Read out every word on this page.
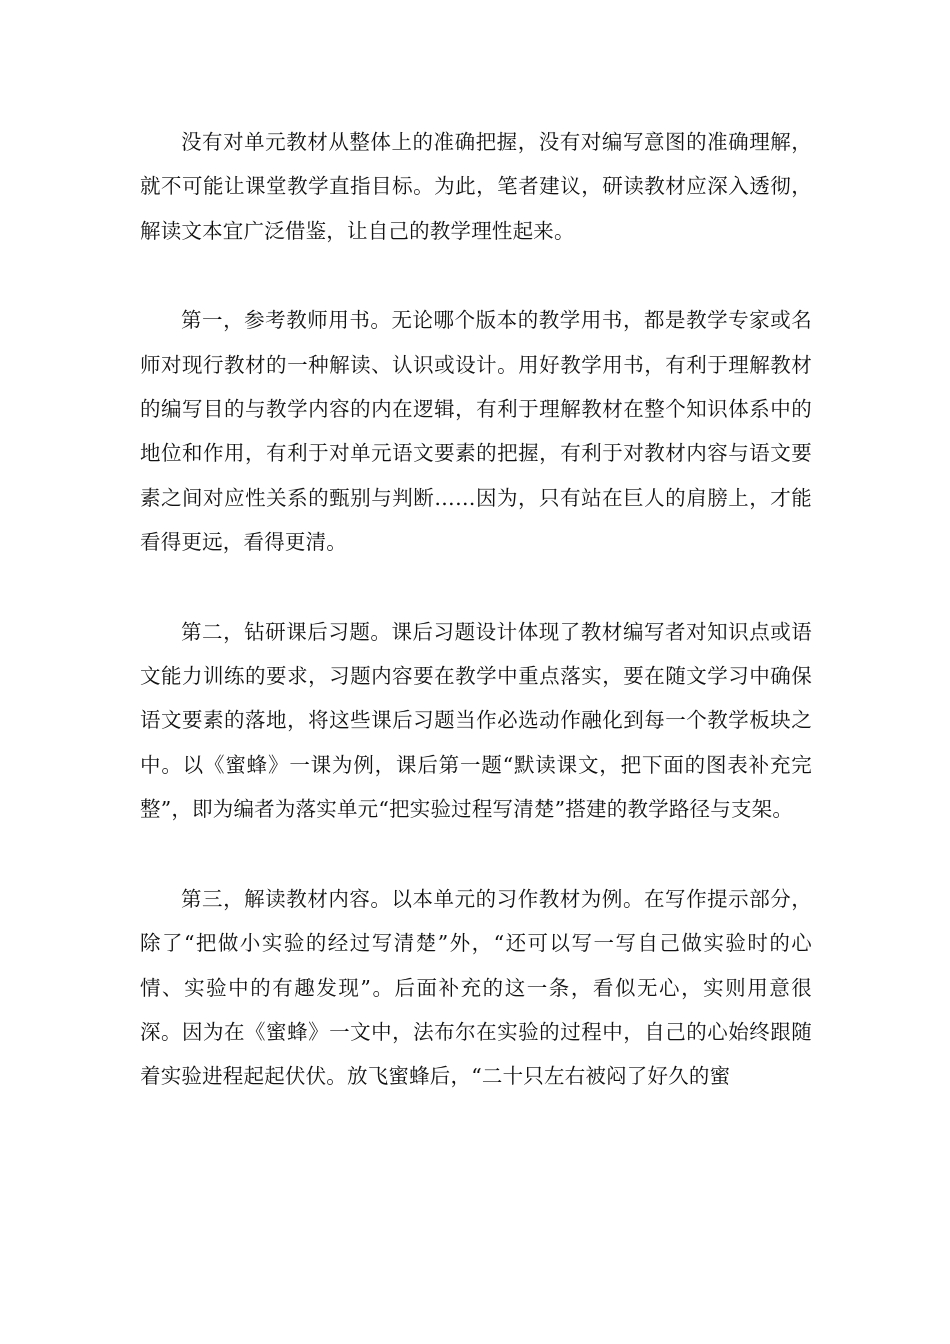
没有对单元教材从整体上的准确把握，没有对编写意图的准确理解，就不可能让课堂教学直指目标。为此，笔者建议，研读教材应深入透彻，解读文本宜广泛借鉴，让自己的教学理性起来。

第一，参考教师用书。无论哪个版本的教学用书，都是教学专家或名师对现行教材的一种解读、认识或设计。用好教学用书，有利于理解教材的编写目的与教学内容的内在逻辑，有利于理解教材在整个知识体系中的地位和作用，有利于对单元语文要素的把握，有利于对教材内容与语文要素之间对应性关系的甄别与判断……因为，只有站在巨人的肩膀上，才能看得更远，看得更清。

第二，钻研课后习题。课后习题设计体现了教材编写者对知识点或语文能力训练的要求，习题内容要在教学中重点落实，要在随文学习中确保语文要素的落地，将这些课后习题当作必选动作融化到每一个教学板块之中。以《蜜蜂》一课为例，课后第一题“默读课文，把下面的图表补充完整”，即为编者为落实单元“把实验过程写清楚”搭建的教学路径与支架。

第三，解读教材内容。以本单元的习作教材为例。在写作提示部分，除了“把做小实验的经过写清楚”外，“还可以写一写自己做实验时的心情、实验中的有趣发现”。后面补充的这一条，看似无心，实则用意很深。因为在《蜜蜂》一文中，法布尔在实验的过程中，自己的心始终跟随着实验进程起起伏伏。放飞蜜蜂后，“二十只左右被闷了好久的蜜
